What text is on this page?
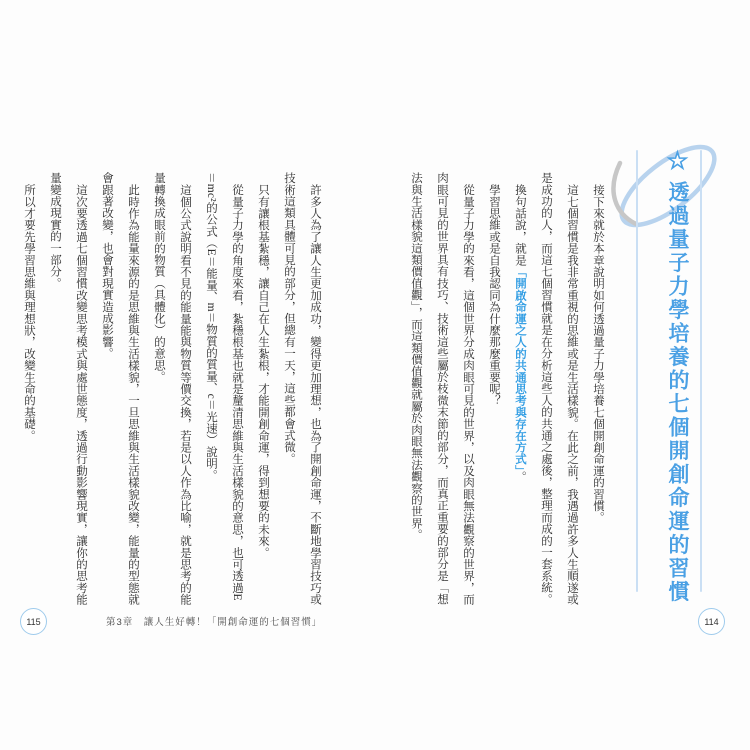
☆透過量子力學培養的七個開創命運的習慣

接下來就於本章說明如何透過量子力學培養七個開創命運的習慣。

這七個習慣是我非常重視的思維或是生活樣貌。在此之前，我遇過許多人生順遂或是成功的人，而這七個習慣就是在分析這些人的共通之處後，整理而成的一套系統。

換句話說，就是「開啟命運之人的共通思考與存在方式」。

學習思維或是自我認同為什麼那麼重要呢？

從量子力學的來看，這個世界分成肉眼可見的世界，以及肉眼無法觀察的世界，而肉眼可見的世界具有技巧、技術這些屬於枝微末節的部分，而真正重要的部分是「想法與生活樣貌這類價值觀」，而這類價值觀就屬於肉眼無法觀察的世界。

許多人為了讓人生更加成功，變得更加理想，也為了開創命運，不斷地學習技巧或技術這類具體可見的部分，但總有一天，這些都會式微。

只有讓根基紮穩，讓自己在人生紮根，才能開創命運，得到想要的未來。

從量子力學的角度來看，紮穩根基也就是釐清思維與生活樣貌的意思，也可透過E＝mc²的公式（E＝能量、m＝物質的質量、c＝光速）說明。

這個公式說明看不見的能量能與物質等價交換，若是以人作為比喻，就是思考的能量轉換成眼前的物質（具體化）的意思。

此時作為能量來源的是思維與生活樣貌，一旦思維與生活樣貌改變，能量的型態就會跟著改變，也會對現實造成影響。

這次要透過七個習慣改變思考模式與處世態度，透過行動影響現實，讓你的思考能量變成現實的一部分。

所以才要先學習思維與理想狀，改變生命的基礎。

第3章　讓人生好轉！「開創命運的七個習慣」
115	114
